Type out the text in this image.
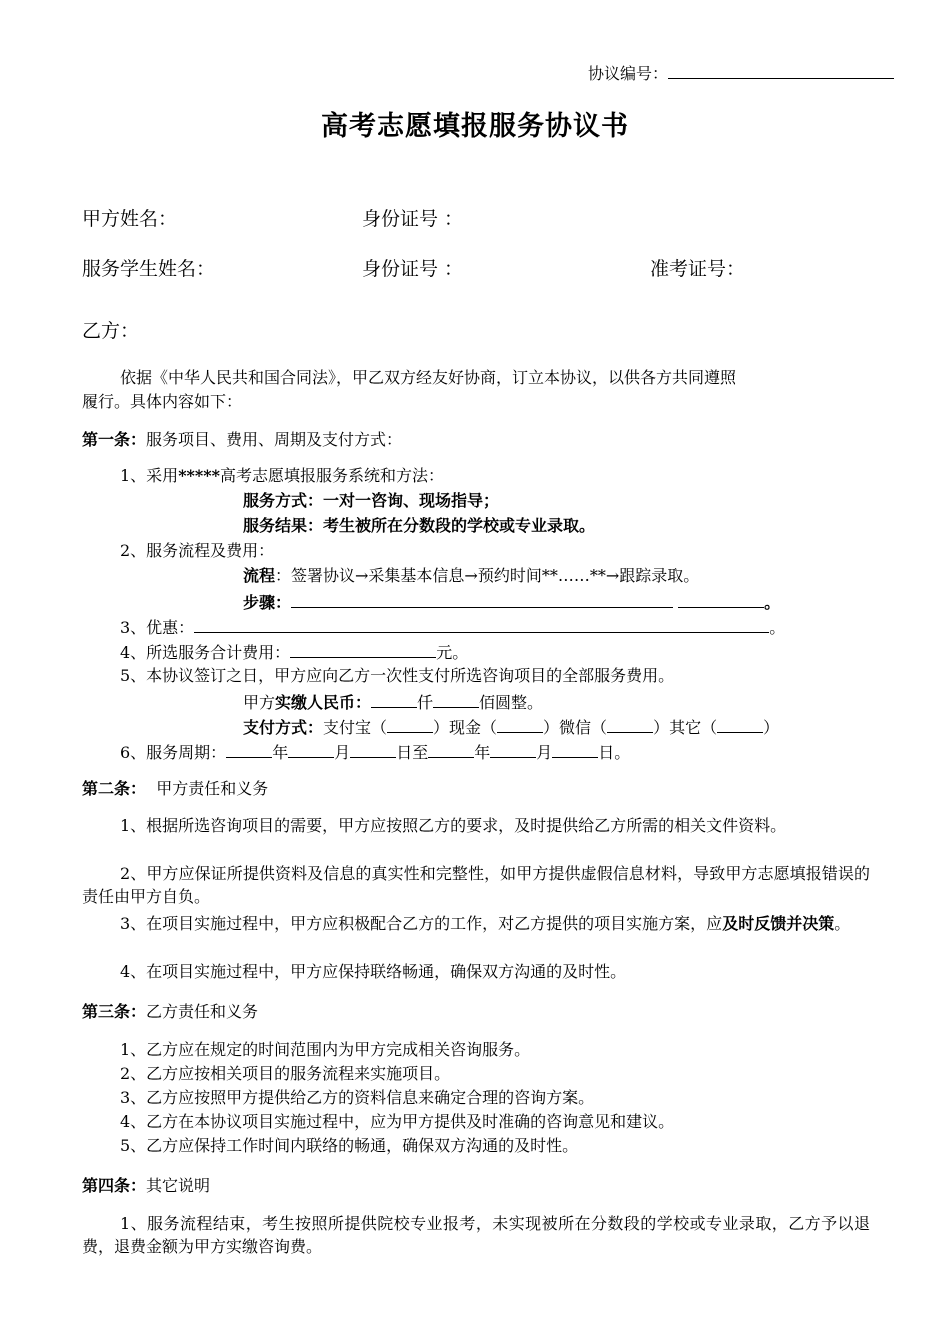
协议编号：
高考志愿填报服务协议书
甲方姓名：	身份证号 ：
服务学生姓名：	身份证号 ：	准考证号：
乙方：
依据《中华人民共和国合同法》，甲乙双方经友好协商，订立本协议，以供各方共同遵照
履行。具体内容如下：
第一条：服务项目、费用、周期及支付方式：
1、采用*****高考志愿填报服务系统和方法：
服务方式：一对一咨询、现场指导；
服务结果：考生被所在分数段的学校或专业录取。
2、服务流程及费用：
流程：签署协议→采集基本信息→预约时间**……**→跟踪录取。
步骤：	。
3、优惠：	。
4、所选服务合计费用：	元。
5、本协议签订之日，甲方应向乙方一次性支付所选咨询项目的全部服务费用。
甲方实缴人民币：	仟	佰圆整。
支付方式：支付宝（	）现金（	）微信（	）其它（	）
6、服务周期：	年	月	日至	年	月	日。
第二条：  甲方责任和义务
1、根据所选咨询项目的需要，甲方应按照乙方的要求，及时提供给乙方所需的相关文件资料。
2、甲方应保证所提供资料及信息的真实性和完整性，如甲方提供虚假信息材料，导致甲方志愿填报错误的责任由甲方自负。
3、在项目实施过程中，甲方应积极配合乙方的工作，对乙方提供的项目实施方案，应及时反馈并决策。
4、在项目实施过程中，甲方应保持联络畅通，确保双方沟通的及时性。
第三条：乙方责任和义务
1、乙方应在规定的时间范围内为甲方完成相关咨询服务。
2、乙方应按相关项目的服务流程来实施项目。
3、乙方应按照甲方提供给乙方的资料信息来确定合理的咨询方案。
4、乙方在本协议项目实施过程中，应为甲方提供及时准确的咨询意见和建议。
5、乙方应保持工作时间内联络的畅通，确保双方沟通的及时性。
第四条：其它说明
1、服务流程结束，考生按照所提供院校专业报考，未实现被所在分数段的学校或专业录取，乙方予以退费，退费金额为甲方实缴咨询费。
